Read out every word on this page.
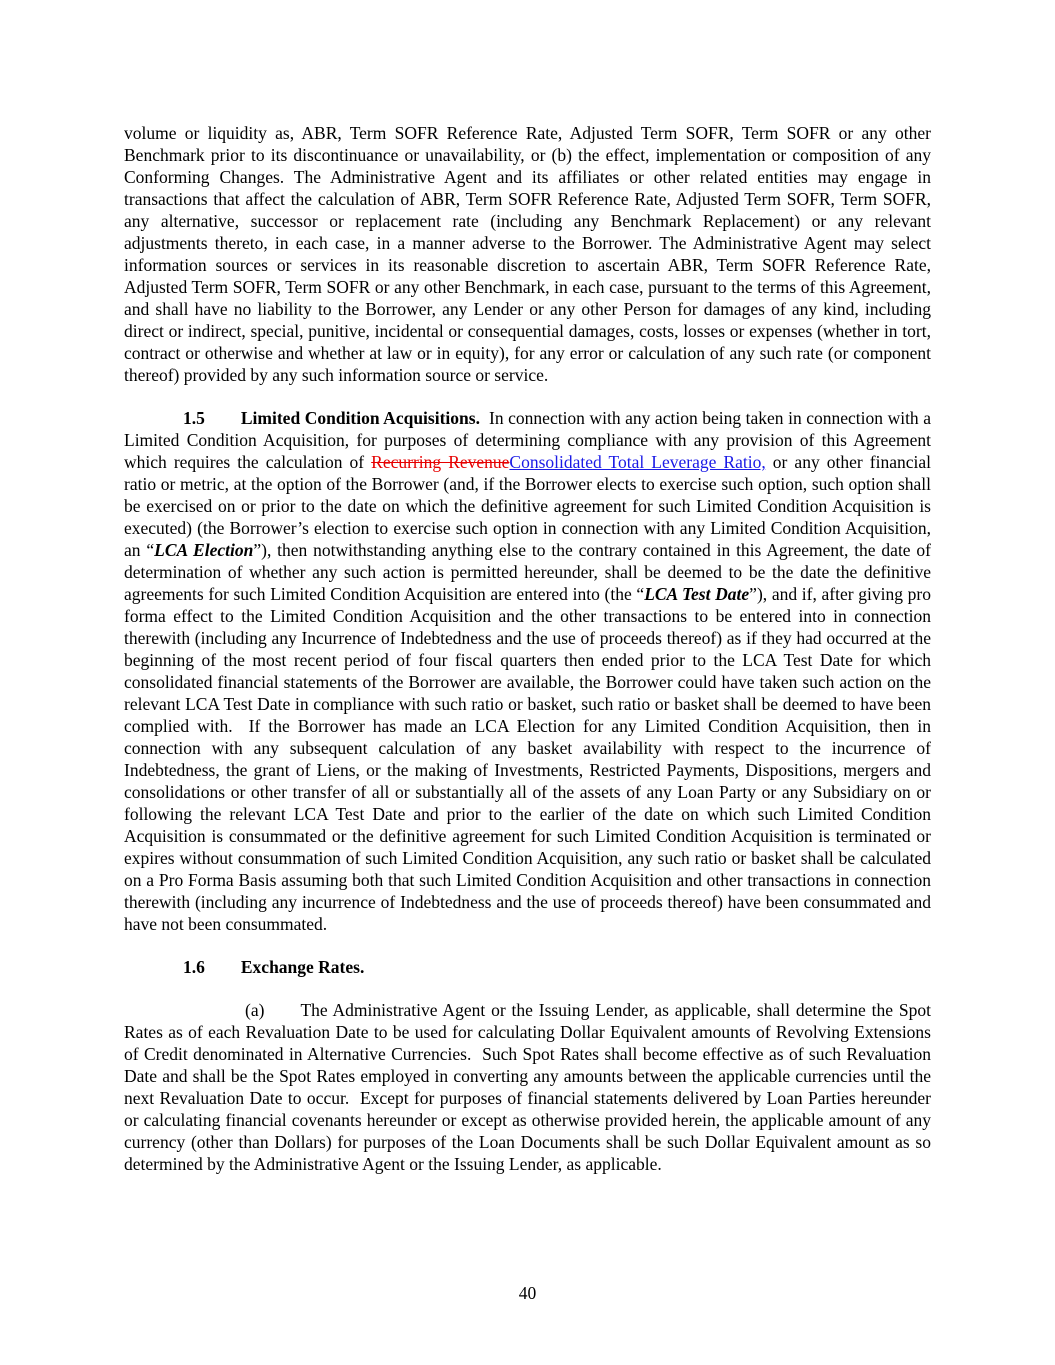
volume or liquidity as, ABR, Term SOFR Reference Rate, Adjusted Term SOFR, Term SOFR or any other Benchmark prior to its discontinuance or unavailability, or (b) the effect, implementation or composition of any Conforming Changes. The Administrative Agent and its affiliates or other related entities may engage in transactions that affect the calculation of ABR, Term SOFR Reference Rate, Adjusted Term SOFR, Term SOFR, any alternative, successor or replacement rate (including any Benchmark Replacement) or any relevant adjustments thereto, in each case, in a manner adverse to the Borrower. The Administrative Agent may select information sources or services in its reasonable discretion to ascertain ABR, Term SOFR Reference Rate, Adjusted Term SOFR, Term SOFR or any other Benchmark, in each case, pursuant to the terms of this Agreement, and shall have no liability to the Borrower, any Lender or any other Person for damages of any kind, including direct or indirect, special, punitive, incidental or consequential damages, costs, losses or expenses (whether in tort, contract or otherwise and whether at law or in equity), for any error or calculation of any such rate (or component thereof) provided by any such information source or service.

1.5 Limited Condition Acquisitions.  In connection with any action being taken in connection with a Limited Condition Acquisition, for purposes of determining compliance with any provision of this Agreement which requires the calculation of Recurring RevenueConsolidated Total Leverage Ratio, or any other financial ratio or metric, at the option of the Borrower (and, if the Borrower elects to exercise such option, such option shall be exercised on or prior to the date on which the definitive agreement for such Limited Condition Acquisition is executed) (the Borrower’s election to exercise such option in connection with any Limited Condition Acquisition, an “LCA Election”), then notwithstanding anything else to the contrary contained in this Agreement, the date of determination of whether any such action is permitted hereunder, shall be deemed to be the date the definitive agreements for such Limited Condition Acquisition are entered into (the “LCA Test Date”), and if, after giving pro forma effect to the Limited Condition Acquisition and the other transactions to be entered into in connection therewith (including any Incurrence of Indebtedness and the use of proceeds thereof) as if they had occurred at the beginning of the most recent period of four fiscal quarters then ended prior to the LCA Test Date for which consolidated financial statements of the Borrower are available, the Borrower could have taken such action on the relevant LCA Test Date in compliance with such ratio or basket, such ratio or basket shall be deemed to have been complied with.  If the Borrower has made an LCA Election for any Limited Condition Acquisition, then in connection with any subsequent calculation of any basket availability with respect to the incurrence of Indebtedness, the grant of Liens, or the making of Investments, Restricted Payments, Dispositions, mergers and consolidations or other transfer of all or substantially all of the assets of any Loan Party or any Subsidiary on or following the relevant LCA Test Date and prior to the earlier of the date on which such Limited Condition Acquisition is consummated or the definitive agreement for such Limited Condition Acquisition is terminated or expires without consummation of such Limited Condition Acquisition, any such ratio or basket shall be calculated on a Pro Forma Basis assuming both that such Limited Condition Acquisition and other transactions in connection therewith (including any incurrence of Indebtedness and the use of proceeds thereof) have been consummated and have not been consummated.

1.6 Exchange Rates.

(a) The Administrative Agent or the Issuing Lender, as applicable, shall determine the Spot Rates as of each Revaluation Date to be used for calculating Dollar Equivalent amounts of Revolving Extensions of Credit denominated in Alternative Currencies.  Such Spot Rates shall become effective as of such Revaluation Date and shall be the Spot Rates employed in converting any amounts between the applicable currencies until the next Revaluation Date to occur.  Except for purposes of financial statements delivered by Loan Parties hereunder or calculating financial covenants hereunder or except as otherwise provided herein, the applicable amount of any currency (other than Dollars) for purposes of the Loan Documents shall be such Dollar Equivalent amount as so determined by the Administrative Agent or the Issuing Lender, as applicable.

40
